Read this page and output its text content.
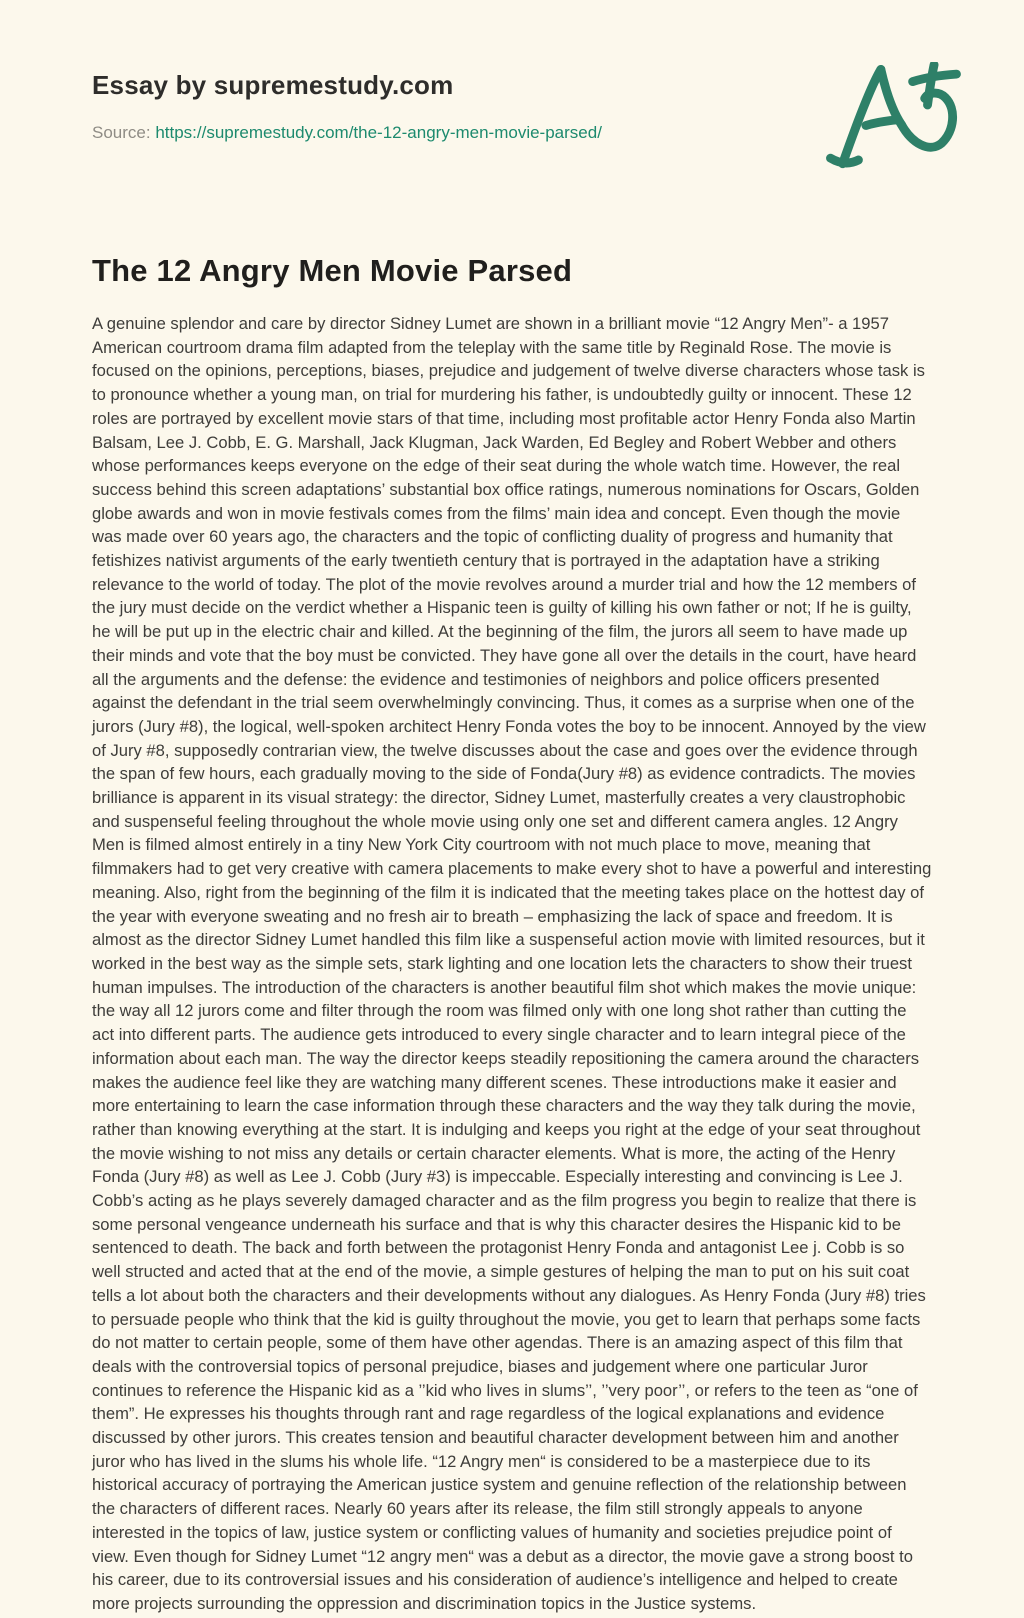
Essay by supremestudy.com
Source: https://supremestudy.com/the-12-angry-men-movie-parsed/
The 12 Angry Men Movie Parsed
A genuine splendor and care by director Sidney Lumet are shown in a brilliant movie “12 Angry Men”- a 1957 American courtroom drama film adapted from the teleplay with the same title by Reginald Rose. The movie is focused on the opinions, perceptions, biases, prejudice and judgement of twelve diverse characters whose task is to pronounce whether a young man, on trial for murdering his father, is undoubtedly guilty or innocent. These 12 roles are portrayed by excellent movie stars of that time, including most profitable actor Henry Fonda also Martin Balsam, Lee J. Cobb, E. G. Marshall, Jack Klugman, Jack Warden, Ed Begley and Robert Webber and others whose performances keeps everyone on the edge of their seat during the whole watch time. However, the real success behind this screen adaptations’ substantial box office ratings, numerous nominations for Oscars, Golden globe awards and won in movie festivals comes from the films’ main idea and concept. Even though the movie was made over 60 years ago, the characters and the topic of conflicting duality of progress and humanity that fetishizes nativist arguments of the early twentieth century that is portrayed in the adaptation have a striking relevance to the world of today. The plot of the movie revolves around a murder trial and how the 12 members of the jury must decide on the verdict whether a Hispanic teen is guilty of killing his own father or not; If he is guilty, he will be put up in the electric chair and killed. At the beginning of the film, the jurors all seem to have made up their minds and vote that the boy must be convicted. They have gone all over the details in the court, have heard all the arguments and the defense: the evidence and testimonies of neighbors and police officers presented against the defendant in the trial seem overwhelmingly convincing. Thus, it comes as a surprise when one of the jurors (Jury #8), the logical, well-spoken architect Henry Fonda votes the boy to be innocent. Annoyed by the view of Jury #8, supposedly contrarian view, the twelve discusses about the case and goes over the evidence through the span of few hours, each gradually moving to the side of Fonda(Jury #8) as evidence contradicts. The movies brilliance is apparent in its visual strategy: the director, Sidney Lumet, masterfully creates a very claustrophobic and suspenseful feeling throughout the whole movie using only one set and different camera angles. 12 Angry Men is filmed almost entirely in a tiny New York City courtroom with not much place to move, meaning that filmmakers had to get very creative with camera placements to make every shot to have a powerful and interesting meaning. Also, right from the beginning of the film it is indicated that the meeting takes place on the hottest day of the year with everyone sweating and no fresh air to breath – emphasizing the lack of space and freedom. It is almost as the director Sidney Lumet handled this film like a suspenseful action movie with limited resources, but it worked in the best way as the simple sets, stark lighting and one location lets the characters to show their truest human impulses. The introduction of the characters is another beautiful film shot which makes the movie unique: the way all 12 jurors come and filter through the room was filmed only with one long shot rather than cutting the act into different parts. The audience gets introduced to every single character and to learn integral piece of the information about each man. The way the director keeps steadily repositioning the camera around the characters makes the audience feel like they are watching many different scenes. These introductions make it easier and more entertaining to learn the case information through these characters and the way they talk during the movie, rather than knowing everything at the start. It is indulging and keeps you right at the edge of your seat throughout the movie wishing to not miss any details or certain character elements. What is more, the acting of the Henry Fonda (Jury #8) as well as Lee J. Cobb (Jury #3) is impeccable. Especially interesting and convincing is Lee J. Cobb’s acting as he plays severely damaged character and as the film progress you begin to realize that there is some personal vengeance underneath his surface and that is why this character desires the Hispanic kid to be sentenced to death. The back and forth between the protagonist Henry Fonda and antagonist Lee j. Cobb is so well structed and acted that at the end of the movie, a simple gestures of helping the man to put on his suit coat tells a lot about both the characters and their developments without any dialogues. As Henry Fonda (Jury #8) tries to persuade people who think that the kid is guilty throughout the movie, you get to learn that perhaps some facts do not matter to certain people, some of them have other agendas. There is an amazing aspect of this film that deals with the controversial topics of personal prejudice, biases and judgement where one particular Juror continues to reference the Hispanic kid as a ’’kid who lives in slums’’, ’’very poor’’, or refers to the teen as “one of them”. He expresses his thoughts through rant and rage regardless of the logical explanations and evidence discussed by other jurors. This creates tension and beautiful character development between him and another juror who has lived in the slums his whole life. “12 Angry men“ is considered to be a masterpiece due to its historical accuracy of portraying the American justice system and genuine reflection of the relationship between the characters of different races. Nearly 60 years after its release, the film still strongly appeals to anyone interested in the topics of law, justice system or conflicting values of humanity and societies prejudice point of view. Even though for Sidney Lumet “12 angry men“ was a debut as a director, the movie gave a strong boost to his career, due to its controversial issues and his consideration of audience’s intelligence and helped to create more projects surrounding the oppression and discrimination topics in the Justice systems.
